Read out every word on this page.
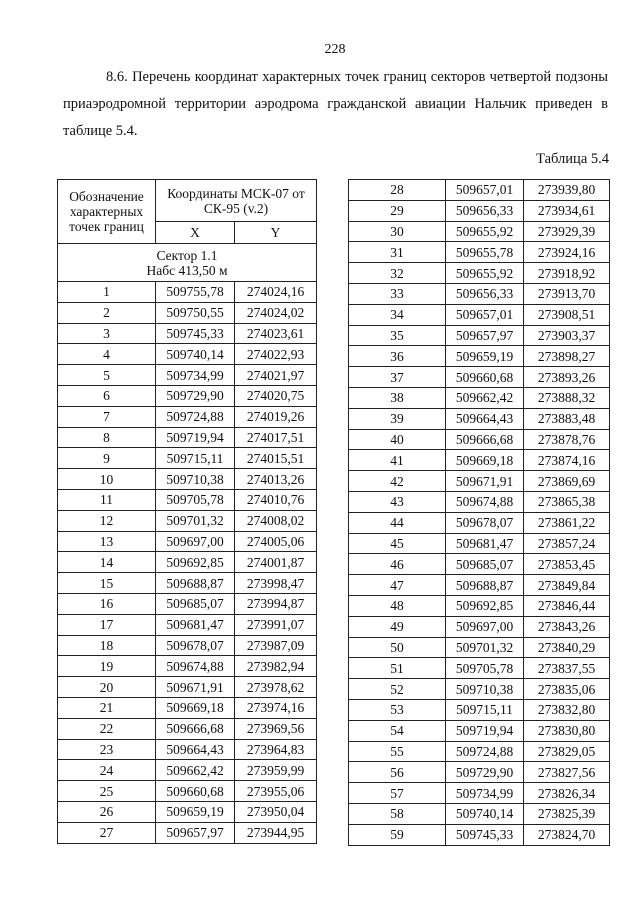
228
8.6. Перечень координат характерных точек границ секторов четвертой подзоны приаэродромной территории аэродрома гражданской авиации Нальчик приведен в таблице 5.4.
Таблица 5.4
Обозначение характерных точек границ	Координаты МСК-07 от СК-95 (v.2)	
	X	Y

Сектор 1.1
Набс 413,50 м		

1	509755,78	274024,16
2	509750,55	274024,02
3	509745,33	274023,61
4	509740,14	274022,93
5	509734,99	274021,97
6	509729,90	274020,75
7	509724,88	274019,26
8	509719,94	274017,51
9	509715,11	274015,51
10	509710,38	274013,26
11	509705,78	274010,76
12	509701,32	274008,02
13	509697,00	274005,06
14	509692,85	274001,87
15	509688,87	273998,47
16	509685,07	273994,87
17	509681,47	273991,07
18	509678,07	273987,09
19	509674,88	273982,94
20	509671,91	273978,62
21	509669,18	273974,16
22	509666,68	273969,56
23	509664,43	273964,83
24	509662,42	273959,99
25	509660,68	273955,06
26	509659,19	273950,04
27	509657,97	273944,95
28	509657,01	273939,80
29	509656,33	273934,61
30	509655,92	273929,39
31	509655,78	273924,16
32	509655,92	273918,92
33	509656,33	273913,70
34	509657,01	273908,51
35	509657,97	273903,37
36	509659,19	273898,27
37	509660,68	273893,26
38	509662,42	273888,32
39	509664,43	273883,48
40	509666,68	273878,76
41	509669,18	273874,16
42	509671,91	273869,69
43	509674,88	273865,38
44	509678,07	273861,22
45	509681,47	273857,24
46	509685,07	273853,45
47	509688,87	273849,84
48	509692,85	273846,44
49	509697,00	273843,26
50	509701,32	273840,29
51	509705,78	273837,55
52	509710,38	273835,06
53	509715,11	273832,80
54	509719,94	273830,80
55	509724,88	273829,05
56	509729,90	273827,56
57	509734,99	273826,34
58	509740,14	273825,39
59	509745,33	273824,70
